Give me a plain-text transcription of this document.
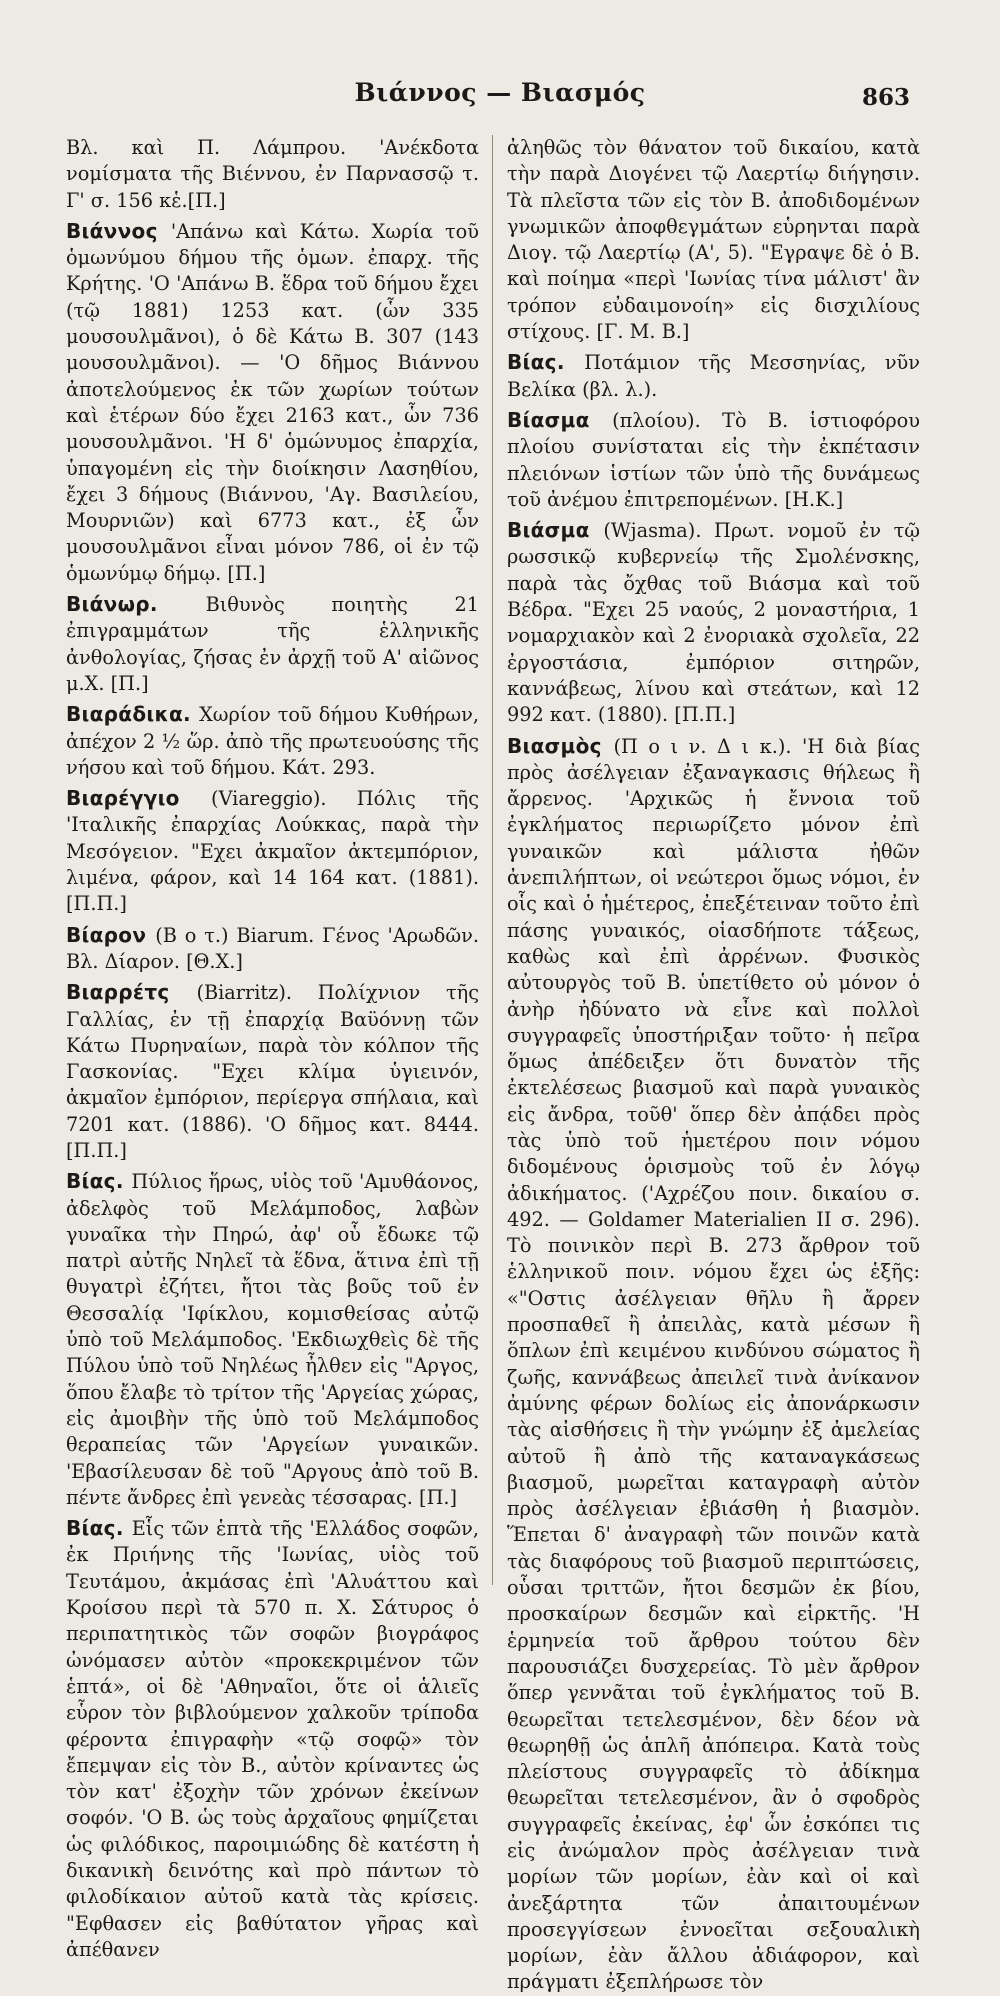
Βιάννος — Βιασμός	863

Βλ. καὶ Π. Λάμπρου. 'Ανέκδοτα νομίσματα τῆς Βιέννου, ἐν Παρνασσῷ τ. Γ' σ. 156 κἑ.[Π.]

Βιάννος 'Απάνω καὶ Κάτω. Χωρία τοῦ ὁμωνύμου δήμου τῆς ὁμων. ἐπαρχ. τῆς Κρήτης. 'Ο 'Απάνω Β. ἕδρα τοῦ δήμου ἔχει (τῷ 1881) 1253 κατ. (ὧν 335 μουσουλμᾶνοι), ὁ δὲ Κάτω Β. 307 (143 μουσουλμᾶνοι). — 'Ο δῆμος Βιάννου ἀποτελούμενος ἐκ τῶν χωρίων τούτων καὶ ἑτέρων δύο ἔχει 2163 κατ., ὧν 736 μουσουλμᾶνοι. 'Η δ' ὁμώνυμος ἐπαρχία, ὑπαγομένη εἰς τὴν διοίκησιν Λασηθίου, ἔχει 3 δήμους (Βιάννου, 'Αγ. Βασιλείου, Μουρνιῶν) καὶ 6773 κατ., ἐξ ὧν μουσουλμᾶνοι εἶναι μόνον 786, οἱ ἐν τῷ ὁμωνύμῳ δήμῳ. [Π.]

Βιάνωρ. Βιθυνὸς ποιητὴς 21 ἐπιγραμμάτων τῆς ἑλληνικῆς ἀνθολογίας, ζήσας ἐν ἀρχῇ τοῦ Α' αἰῶνος μ.Χ. [Π.]

Βιαράδικα. Χωρίον τοῦ δήμου Κυθήρων, ἀπέχον 2 ½ ὥρ. ἀπὸ τῆς πρωτευούσης τῆς νήσου καὶ τοῦ δήμου. Κάτ. 293.

Βιαρέγγιο (Viareggio). Πόλις τῆς 'Ιταλικῆς ἐπαρχίας Λούκκας, παρὰ τὴν Μεσόγειον. "Εχει ἀκμαῖον ἀκτεμπόριον, λιμένα, φάρον, καὶ 14 164 κατ. (1881). [Π.Π.]

Βίαρον (Β ο τ.) Biarum. Γένος 'Αρωδῶν. Βλ. Δίαρον. [Θ.Χ.]

Βιαρρέτς (Biarritz). Πολίχνιον τῆς Γαλλίας, ἐν τῇ ἐπαρχίᾳ Βαϋόννῃ τῶν Κάτω Πυρηναίων, παρὰ τὸν κόλπον τῆς Γασκονίας. "Εχει κλίμα ὑγιεινόν, ἀκμαῖον ἐμπόριον, περίεργα σπήλαια, καὶ 7201 κατ. (1886). 'Ο δῆμος κατ. 8444. [Π.Π.]

Βίας. Πύλιος ἥρως, υἱὸς τοῦ 'Αμυθάονος, ἀδελφὸς τοῦ Μελάμποδος, λαβὼν γυναῖκα τὴν Πηρώ, ἀφ' οὗ ἔδωκε τῷ πατρὶ αὐτῆς Νηλεῖ τὰ ἕδνα, ἅτινα ἐπὶ τῇ θυγατρὶ ἐζήτει, ἤτοι τὰς βοῦς τοῦ ἐν Θεσσαλίᾳ 'Ιφίκλου, κομισθείσας αὐτῷ ὑπὸ τοῦ Μελάμποδος. 'Εκδιωχθεὶς δὲ τῆς Πύλου ὑπὸ τοῦ Νηλέως ἦλθεν εἰς "Αργος, ὅπου ἔλαβε τὸ τρίτον τῆς 'Αργείας χώρας, εἰς ἀμοιβὴν τῆς ὑπὸ τοῦ Μελάμποδος θεραπείας τῶν 'Αργείων γυναικῶν. 'Εβασίλευσαν δὲ τοῦ "Αργους ἀπὸ τοῦ Β. πέντε ἄνδρες ἐπὶ γενεὰς τέσσαρας. [Π.]

Βίας. Εἷς τῶν ἑπτὰ τῆς 'Ελλάδος σοφῶν, ἐκ Πριήνης τῆς 'Ιωνίας, υἱὸς τοῦ Τευτάμου, ἀκμάσας ἐπὶ 'Αλυάττου καὶ Κροίσου περὶ τὰ 570 π. Χ. Σάτυρος ὁ περιπατητικὸς τῶν σοφῶν βιογράφος ὠνόμασεν αὐτὸν «προκεκριμένον τῶν ἑπτά», οἱ δὲ 'Αθηναῖοι, ὅτε οἱ ἁλιεῖς εὗρον τὸν βιβλούμενον χαλκοῦν τρίποδα φέροντα ἐπιγραφὴν «τῷ σοφῷ» τὸν ἔπεμψαν εἰς τὸν Β., αὐτὸν κρίναντες ὡς τὸν κατ' ἐξοχὴν τῶν χρόνων ἐκείνων σοφόν. 'Ο Β. ὡς τοὺς ἀρχαῖους φημίζεται ὡς φιλόδικος, παροιμιώδης δὲ κατέστη ἡ δικανικὴ δεινότης καὶ πρὸ πάντων τὸ φιλοδίκαιον αὐτοῦ κατὰ τὰς κρίσεις. "Εφθασεν εἰς βαθύτατον γῆρας καὶ ἀπέθανεν

ἀληθῶς τὸν θάνατον τοῦ δικαίου, κατὰ τὴν παρὰ Διογένει τῷ Λαερτίῳ διήγησιν. Τὰ πλεῖστα τῶν εἰς τὸν Β. ἀποδιδομένων γνωμικῶν ἀποφθεγμάτων εὑρηνται παρὰ Διογ. τῷ Λαερτίῳ (Α', 5). "Εγραψε δὲ ὁ Β. καὶ ποίημα «περὶ 'Ιωνίας τίνα μάλιστ' ἂν τρόπον εὐδαιμονοίη» εἰς δισχιλίους στίχους. [Γ. Μ. Β.]

Βίας. Ποτάμιον τῆς Μεσσηνίας, νῦν Βελίκα (βλ. λ.).

Βίασμα (πλοίου). Τὸ Β. ἱστιοφόρου πλοίου συνίσταται εἰς τὴν ἐκπέτασιν πλειόνων ἱστίων τῶν ὑπὸ τῆς δυνάμεως τοῦ ἀνέμου ἐπιτρεπομένων. [Η.Κ.]

Βιάσμα (Wjasma). Πρωτ. νομοῦ ἐν τῷ ρωσσικῷ κυβερνείῳ τῆς Σμολένσκης, παρὰ τὰς ὄχθας τοῦ Βιάσμα καὶ τοῦ Βέδρα. "Εχει 25 ναούς, 2 μοναστήρια, 1 νομαρχιακὸν καὶ 2 ἐνοριακὰ σχολεῖα, 22 ἐργοστάσια, ἐμπόριον σιτηρῶν, καννάβεως, λίνου καὶ στεάτων, καὶ 12 992 κατ. (1880). [Π.Π.]

Βιασμὸς (Π ο ι ν. Δ ι κ.). 'Η διὰ βίας πρὸς ἀσέλγειαν ἐξαναγκασις θήλεως ἢ ἄρρενος. 'Αρχικῶς ἡ ἔννοια τοῦ ἐγκλήματος περιωρίζετο μόνον ἐπὶ γυναικῶν καὶ μάλιστα ἠθῶν ἀνεπιλήπτων, οἱ νεώτεροι ὅμως νόμοι, ἐν οἷς καὶ ὁ ἡμέτερος, ἐπεξέτειναν τοῦτο ἐπὶ πάσης γυναικός, οἱασδήποτε τάξεως, καθὼς καὶ ἐπὶ ἀρρένων. Φυσικὸς αὐτουργὸς τοῦ Β. ὑπετίθετο οὐ μόνον ὁ ἀνὴρ ἠδύνατο νὰ εἶνε καὶ πολλοὶ συγγραφεῖς ὑποστήριξαν τοῦτο· ἡ πεῖρα ὅμως ἀπέδειξεν ὅτι δυνατὸν τῆς ἐκτελέσεως βιασμοῦ καὶ παρὰ γυναικὸς εἰς ἄνδρα, τοῦθ' ὅπερ δὲν ἀπᾴδει πρὸς τὰς ὑπὸ τοῦ ἡμετέρου ποιν νόμου διδομένους ὁρισμοὺς τοῦ ἐν λόγῳ ἀδικήματος. ('Αχρέζου ποιν. δικαίου σ. 492. — Goldamer Materialien II σ. 296). Τὸ ποινικὸν περὶ Β. 273 ἄρθρον τοῦ ἑλληνικοῦ ποιν. νόμου ἔχει ὡς ἑξῆς: «"Οστις ἀσέλγειαν θῆλυ ἢ ἄρρεν προσπαθεῖ ἢ ἀπειλὰς, κατὰ μέσων ἢ ὅπλων ἐπὶ κειμένου κινδύνου σώματος ἢ ζωῆς, καννάβεως ἀπειλεῖ τινὰ ἀνίκανον ἀμύνης φέρων δολίως εἰς ἀπονάρκωσιν τὰς αἰσθήσεις ἢ τὴν γνώμην ἐξ ἀμελείας αὐτοῦ ἢ ἀπὸ τῆς καταναγκάσεως βιασμοῦ, μωρεῖται καταγραφὴ αὐτὸν πρὸς ἀσέλγειαν ἐβιάσθη ἡ βιασμὸν. Ἕπεται δ' ἀναγραφὴ τῶν ποινῶν κατὰ τὰς διαφόρους τοῦ βιασμοῦ περιπτώσεις, οὗσαι τριττῶν, ἤτοι δεσμῶν ἐκ βίου, προσκαίρων δεσμῶν καὶ εἱρκτῆς. 'Η ἑρμηνεία τοῦ ἄρθρου τούτου δὲν παρουσιάζει δυσχερείας. Τὸ μὲν ἄρθρον ὅπερ γεννᾶται τοῦ ἐγκλήματος τοῦ Β. θεωρεῖται τετελεσμένον, δὲν δέον νὰ θεωρηθῇ ὡς ἁπλῆ ἀπόπειρα. Κατὰ τοὺς πλείστους συγγραφεῖς τὸ ἀδίκημα θεωρεῖται τετελεσμένον, ἂν ὁ σφοδρὸς συγγραφεῖς ἐκείνας, ἐφ' ὧν ἐσκόπει τις εἰς ἀνώμαλον πρὸς ἀσέλγειαν τινὰ μορίων τῶν μορίων, ἐὰν καὶ οἱ καὶ ἀνεξάρτητα τῶν ἀπαιτουμένων προσεγγίσεων ἐννοεῖται σεξουαλικὴ μορίων, ἐὰν ἄλλου ἀδιάφορον, καὶ πράγματι ἐξεπλήρωσε τὸν
